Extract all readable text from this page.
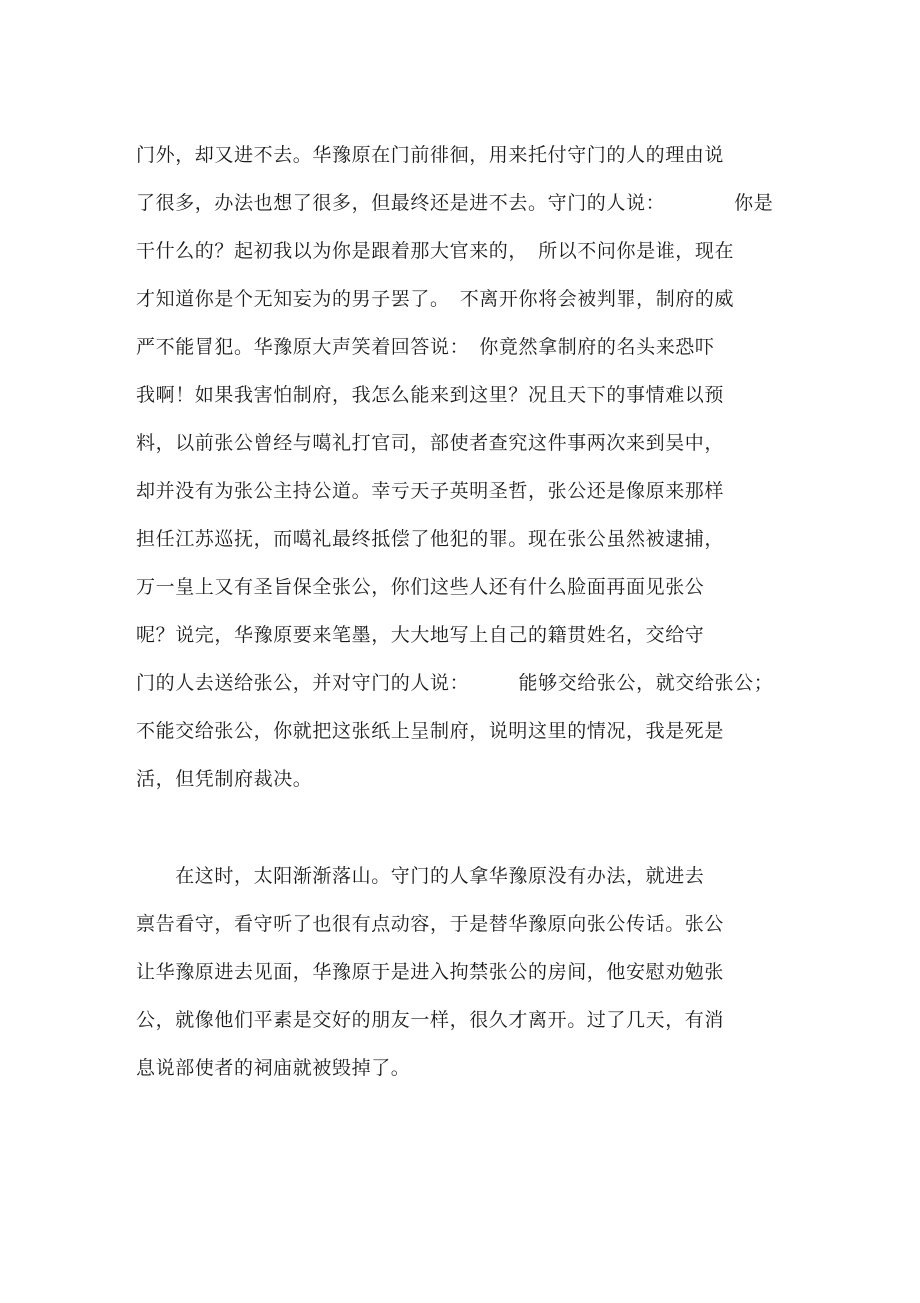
门外，却又进不去。华豫原在门前徘徊，用来托付守门的人的理由说
了很多，办法也想了很多，但最终还是进不去。守门的人说：　　　　你是
干什么的？起初我以为你是跟着那大官来的，　所以不问你是谁，现在
才知道你是个无知妄为的男子罢了。　不离开你将会被判罪，制府的威
严不能冒犯。华豫原大声笑着回答说：　你竟然拿制府的名头来恐吓
我啊！如果我害怕制府，我怎么能来到这里？况且天下的事情难以预
料，以前张公曾经与噶礼打官司，部使者查究这件事两次来到吴中，
却并没有为张公主持公道。幸亏天子英明圣哲，张公还是像原来那样
担任江苏巡抚，而噶礼最终抵偿了他犯的罪。现在张公虽然被逮捕，
万一皇上又有圣旨保全张公，你们这些人还有什么脸面再面见张公
呢？说完，华豫原要来笔墨，大大地写上自己的籍贯姓名，交给守
门的人去送给张公，并对守门的人说：　　　能够交给张公，就交给张公；
不能交给张公，你就把这张纸上呈制府，说明这里的情况，我是死是
活，但凭制府裁决。
　　在这时，太阳渐渐落山。守门的人拿华豫原没有办法，就进去
禀告看守，看守听了也很有点动容，于是替华豫原向张公传话。张公
让华豫原进去见面，华豫原于是进入拘禁张公的房间，他安慰劝勉张
公，就像他们平素是交好的朋友一样，很久才离开。过了几天，有消
息说部使者的祠庙就被毁掉了。
